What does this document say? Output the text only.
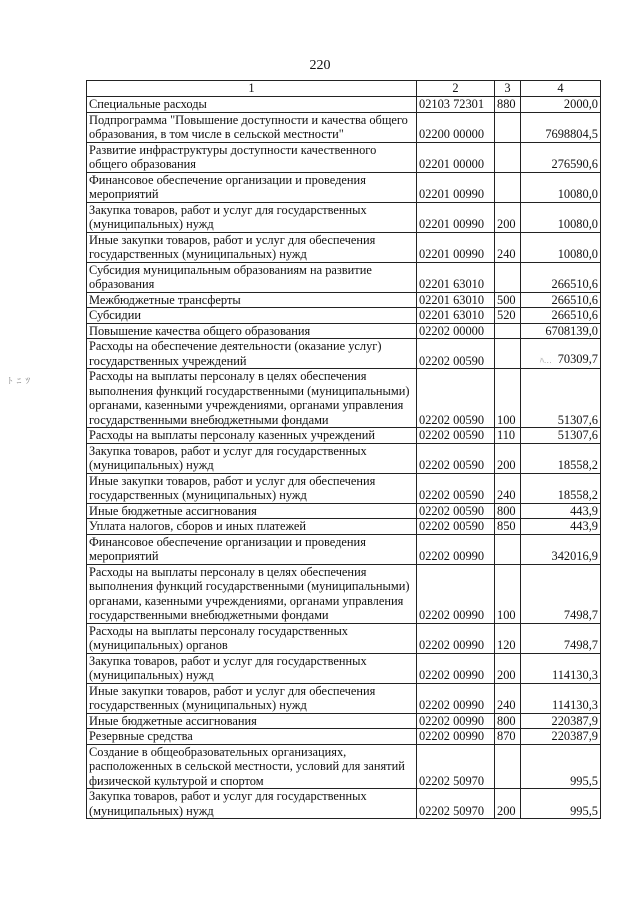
220
ﾄ ﾆ ﾂ
1	2	3	4
Специальные расходы	02103 72301	880	2000,0
Подпрограмма "Повышение доступности и качества общего образования, в том числе в сельской местности"	02200 00000		7698804,5
Развитие инфраструктуры доступности качественного общего образования	02201 00000		276590,6
Финансовое обеспечение организации и проведения мероприятий	02201 00990		10080,0
Закупка товаров, работ и услуг для государственных (муниципальных) нужд	02201 00990	200	10080,0
Иные закупки товаров, работ и услуг для обеспечения государственных (муниципальных) нужд	02201 00990	240	10080,0
Субсидия муниципальным образованиям на развитие образования	02201 63010		266510,6
Межбюджетные трансферты	02201 63010	500	266510,6
Субсидии	02201 63010	520	266510,6
Повышение качества общего образования	02202 00000		6708139,0
Расходы на обеспечение деятельности (оказание услуг) государственных учреждений	02202 00590		ﾊ… 70309,7
Расходы на выплаты персоналу в целях обеспечения выполнения функций государственными (муниципальными) органами, казенными учреждениями, органами управления государственными внебюджетными фондами	02202 00590	100	51307,6
Расходы на выплаты персоналу казенных учреждений	02202 00590	110	51307,6
Закупка товаров, работ и услуг для государственных (муниципальных) нужд	02202 00590	200	18558,2
Иные закупки товаров, работ и услуг для обеспечения государственных (муниципальных) нужд	02202 00590	240	18558,2
Иные бюджетные ассигнования	02202 00590	800	443,9
Уплата налогов, сборов и иных платежей	02202 00590	850	443,9
Финансовое обеспечение организации и проведения мероприятий	02202 00990		342016,9
Расходы на выплаты персоналу в целях обеспечения выполнения функций государственными (муниципальными) органами, казенными учреждениями, органами управления государственными внебюджетными фондами	02202 00990	100	7498,7
Расходы на выплаты персоналу государственных (муниципальных) органов	02202 00990	120	7498,7
Закупка товаров, работ и услуг для государственных (муниципальных) нужд	02202 00990	200	114130,3
Иные закупки товаров, работ и услуг для обеспечения государственных (муниципальных) нужд	02202 00990	240	114130,3
Иные бюджетные ассигнования	02202 00990	800	220387,9
Резервные средства	02202 00990	870	220387,9
Создание в общеобразовательных организациях, расположенных в сельской местности, условий для занятий физической культурой и спортом	02202 50970		995,5
Закупка товаров, работ и услуг для государственных (муниципальных) нужд	02202 50970	200	995,5
